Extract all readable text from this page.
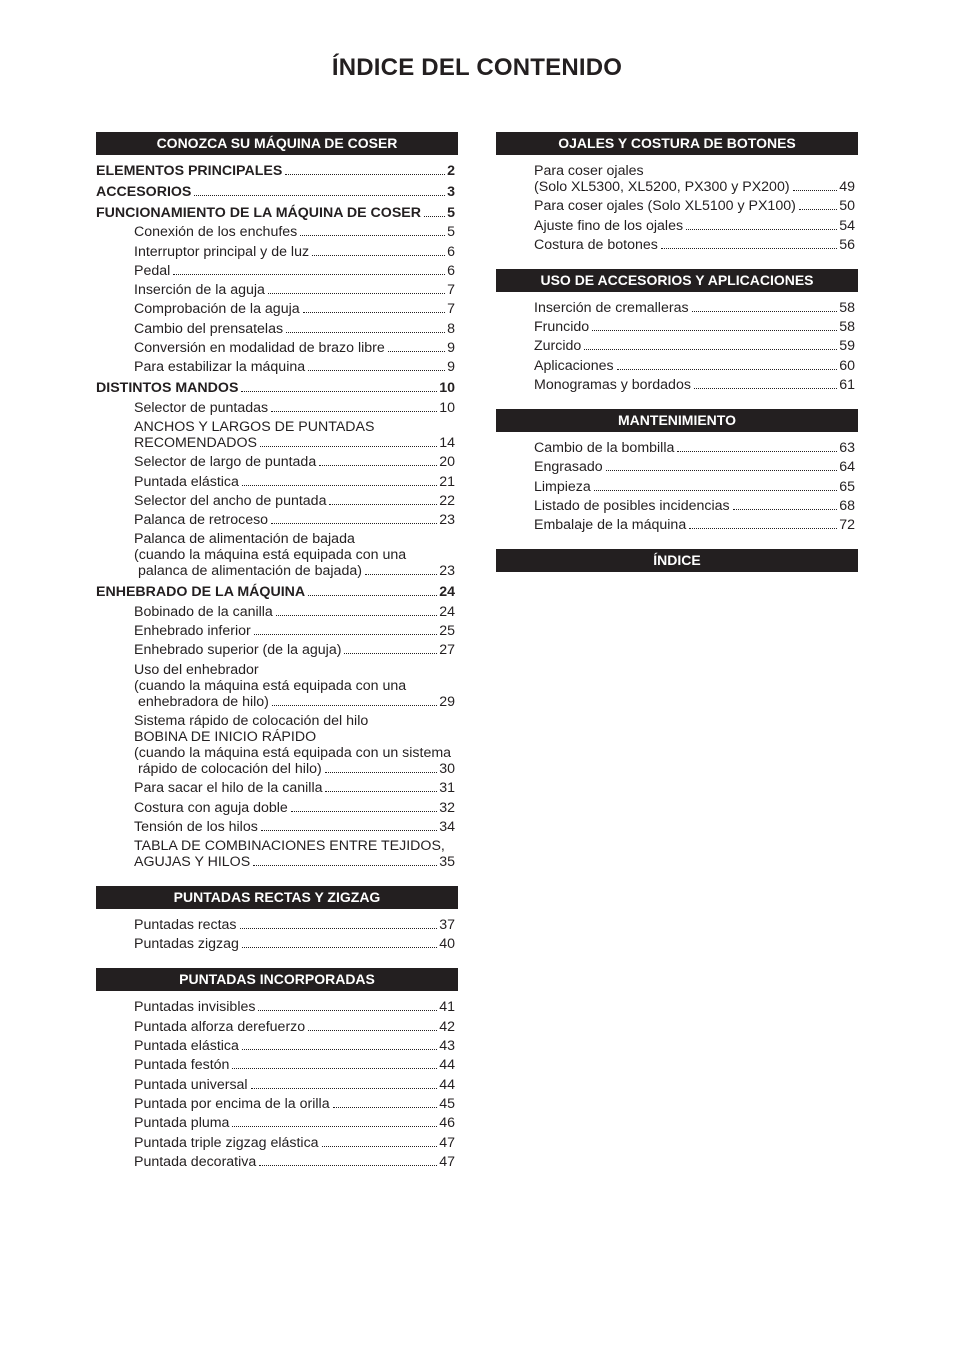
ÍNDICE DEL CONTENIDO
CONOZCA SU MÁQUINA DE COSER
ELEMENTOS PRINCIPALES	2
ACCESORIOS	3
FUNCIONAMIENTO DE LA MÁQUINA DE COSER 5
Conexión de los enchufes	5
Interruptor principal y de luz	6
Pedal	6
Inserción de la aguja	7
Comprobación de la aguja	7
Cambio del prensatelas	8
Conversión en modalidad de brazo libre	9
Para estabilizar la máquina	9
DISTINTOS MANDOS	10
Selector de puntadas	10
ANCHOS Y LARGOS DE PUNTADAS
RECOMENDADOS	14
Selector de largo de puntada	20
Puntada elástica	21
Selector del ancho de puntada	22
Palanca de retroceso	23
Palanca de alimentación de bajada
(cuando la máquina está equipada con una
palanca de alimentación de bajada)	23
ENHEBRADO DE LA MÁQUINA	24
Bobinado de la canilla	24
Enhebrado inferior	25
Enhebrado superior (de la aguja)	27
Uso del enhebrador
(cuando la máquina está equipada con una
enhebradora de hilo)	29
Sistema rápido de colocación del hilo
BOBINA DE INICIO RÁPIDO
(cuando la máquina está equipada con un sistema
rápido de colocación del hilo)	30
Para sacar el hilo de la canilla	31
Costura con aguja doble	32
Tensión de los hilos	34
TABLA DE COMBINACIONES ENTRE TEJIDOS,
AGUJAS Y HILOS	35
PUNTADAS RECTAS Y ZIGZAG
Puntadas rectas	37
Puntadas zigzag	40
PUNTADAS INCORPORADAS
Puntadas invisibles	41
Puntada alforza derefuerzo	42
Puntada elástica	43
Puntada festón	44
Puntada universal	44
Puntada por encima de la orilla	45
Puntada pluma	46
Puntada triple zigzag elástica	47
Puntada decorativa	47
OJALES Y COSTURA DE BOTONES
Para coser ojales
(Solo XL5300, XL5200, PX300 y PX200)	49
Para coser ojales (Solo XL5100 y PX100)	50
Ajuste fino de los ojales	54
Costura de botones	56
USO DE ACCESORIOS Y APLICACIONES
Inserción de cremalleras	58
Fruncido	58
Zurcido	59
Aplicaciones	60
Monogramas y bordados	61
MANTENIMIENTO
Cambio de la bombilla	63
Engrasado	64
Limpieza	65
Listado de posibles incidencias	68
Embalaje de la máquina	72
ÍNDICE
